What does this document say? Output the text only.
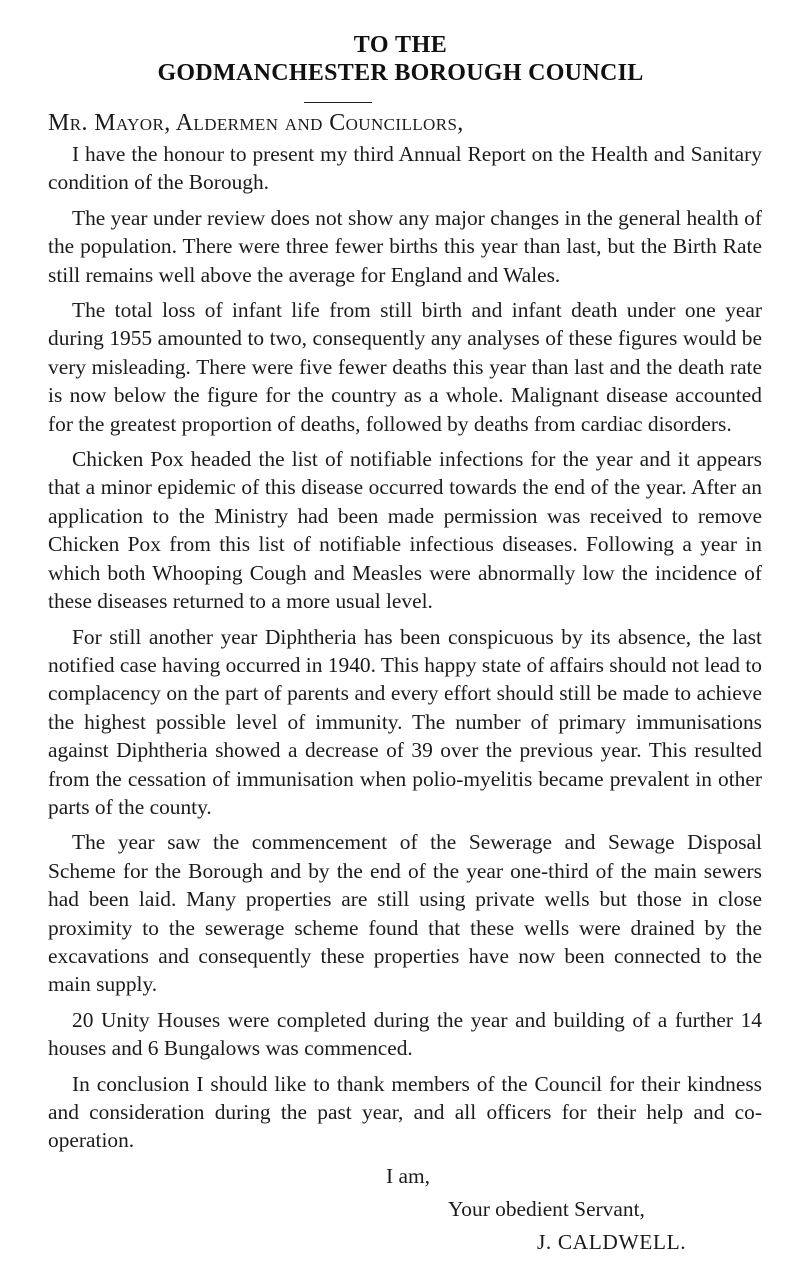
TO THE
GODMANCHESTER BOROUGH COUNCIL
Mr. Mayor, Aldermen and Councillors,

I have the honour to present my third Annual Report on the Health and Sanitary condition of the Borough.

The year under review does not show any major changes in the general health of the population. There were three fewer births this year than last, but the Birth Rate still remains well above the average for England and Wales.

The total loss of infant life from still birth and infant death under one year during 1955 amounted to two, consequently any analyses of these figures would be very misleading. There were five fewer deaths this year than last and the death rate is now below the figure for the country as a whole. Malignant disease accounted for the greatest proportion of deaths, followed by deaths from cardiac disorders.

Chicken Pox headed the list of notifiable infections for the year and it appears that a minor epidemic of this disease occurred towards the end of the year. After an application to the Ministry had been made permission was received to remove Chicken Pox from this list of notifiable infectious diseases. Following a year in which both Whooping Cough and Measles were abnormally low the incidence of these diseases returned to a more usual level.

For still another year Diphtheria has been conspicuous by its absence, the last notified case having occurred in 1940. This happy state of affairs should not lead to complacency on the part of parents and every effort should still be made to achieve the highest possible level of immunity. The number of primary immunisations against Diphtheria showed a decrease of 39 over the previous year. This resulted from the cessation of immunisation when polio-myelitis became prevalent in other parts of the county.

The year saw the commencement of the Sewerage and Sewage Disposal Scheme for the Borough and by the end of the year one-third of the main sewers had been laid. Many properties are still using private wells but those in close proximity to the sewerage scheme found that these wells were drained by the excavations and consequently these properties have now been connected to the main supply.

20 Unity Houses were completed during the year and building of a further 14 houses and 6 Bungalows was commenced.

In conclusion I should like to thank members of the Council for their kindness and consideration during the past year, and all officers for their help and co-operation.

I am,
Your obedient Servant,
J. CALDWELL.
